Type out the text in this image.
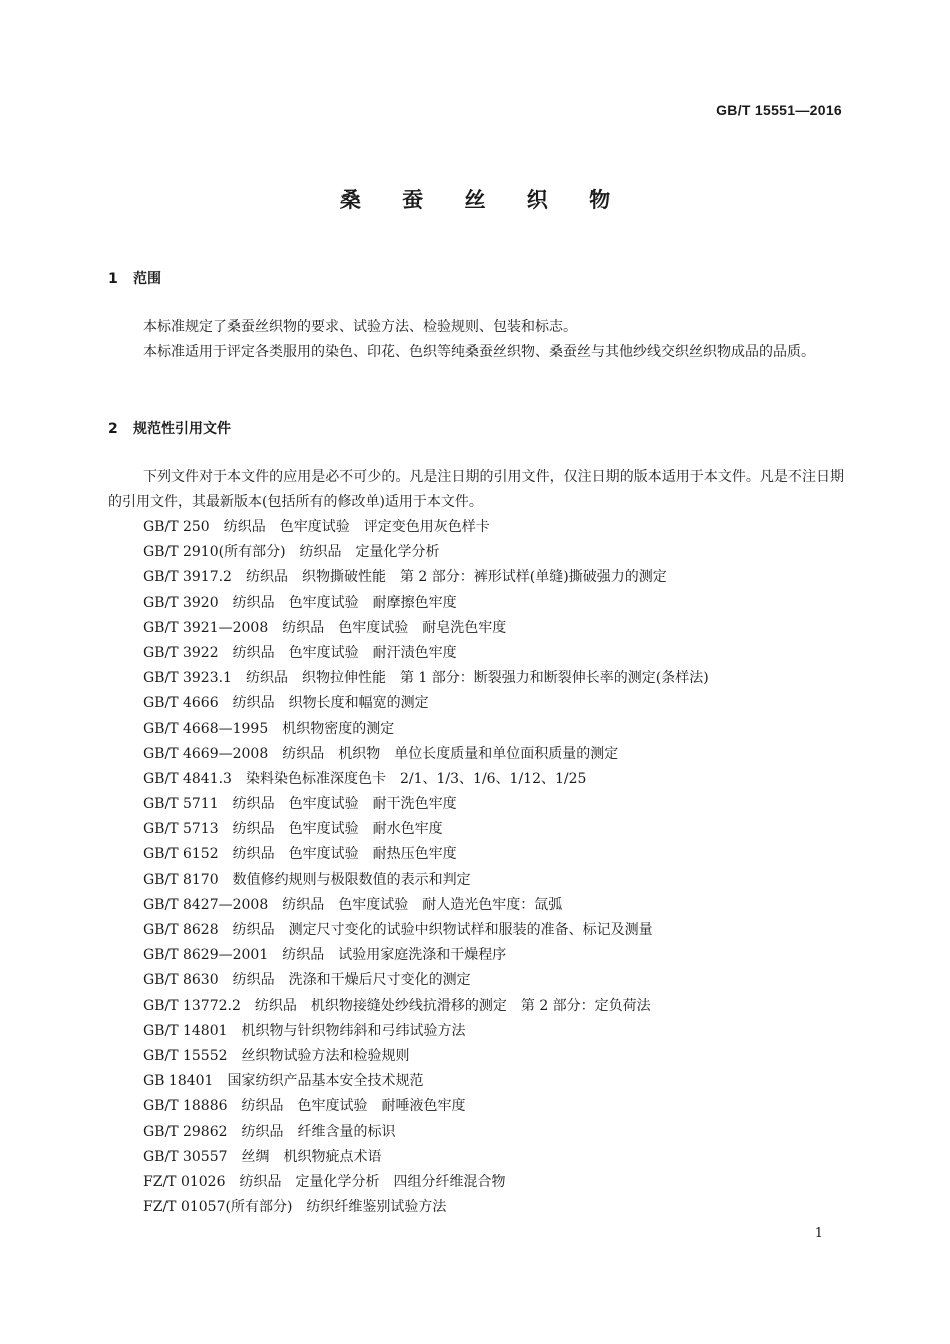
GB/T 15551—2016
桑 蚕 丝 织 物
1 范围

本标准规定了桑蚕丝织物的要求、试验方法、检验规则、包装和标志。

本标准适用于评定各类服用的染色、印花、色织等纯桑蚕丝织物、桑蚕丝与其他纱线交织丝织物成品的品质。

2 规范性引用文件

下列文件对于本文件的应用是必不可少的。凡是注日期的引用文件，仅注日期的版本适用于本文件。凡是不注日期的引用文件，其最新版本(包括所有的修改单)适用于本文件。

GB/T 250 纺织品 色牢度试验 评定变色用灰色样卡
GB/T 2910(所有部分) 纺织品 定量化学分析
GB/T 3917.2 纺织品 织物撕破性能 第 2 部分：裤形试样(单缝)撕破强力的测定
GB/T 3920 纺织品 色牢度试验 耐摩擦色牢度
GB/T 3921—2008 纺织品 色牢度试验 耐皂洗色牢度
GB/T 3922 纺织品 色牢度试验 耐汗渍色牢度
GB/T 3923.1 纺织品 织物拉伸性能 第 1 部分：断裂强力和断裂伸长率的测定(条样法)
GB/T 4666 纺织品 织物长度和幅宽的测定
GB/T 4668—1995 机织物密度的测定
GB/T 4669—2008 纺织品 机织物 单位长度质量和单位面积质量的测定
GB/T 4841.3 染料染色标准深度色卡 2/1、1/3、1/6、1/12、1/25
GB/T 5711 纺织品 色牢度试验 耐干洗色牢度
GB/T 5713 纺织品 色牢度试验 耐水色牢度
GB/T 6152 纺织品 色牢度试验 耐热压色牢度
GB/T 8170 数值修约规则与极限数值的表示和判定
GB/T 8427—2008 纺织品 色牢度试验 耐人造光色牢度：氙弧
GB/T 8628 纺织品 测定尺寸变化的试验中织物试样和服装的准备、标记及测量
GB/T 8629—2001 纺织品 试验用家庭洗涤和干燥程序
GB/T 8630 纺织品 洗涤和干燥后尺寸变化的测定
GB/T 13772.2 纺织品 机织物接缝处纱线抗滑移的测定 第 2 部分：定负荷法
GB/T 14801 机织物与针织物纬斜和弓纬试验方法
GB/T 15552 丝织物试验方法和检验规则
GB 18401 国家纺织产品基本安全技术规范
GB/T 18886 纺织品 色牢度试验 耐唾液色牢度
GB/T 29862 纺织品 纤维含量的标识
GB/T 30557 丝绸 机织物疵点术语
FZ/T 01026 纺织品 定量化学分析 四组分纤维混合物
FZ/T 01057(所有部分) 纺织纤维鉴别试验方法
1
